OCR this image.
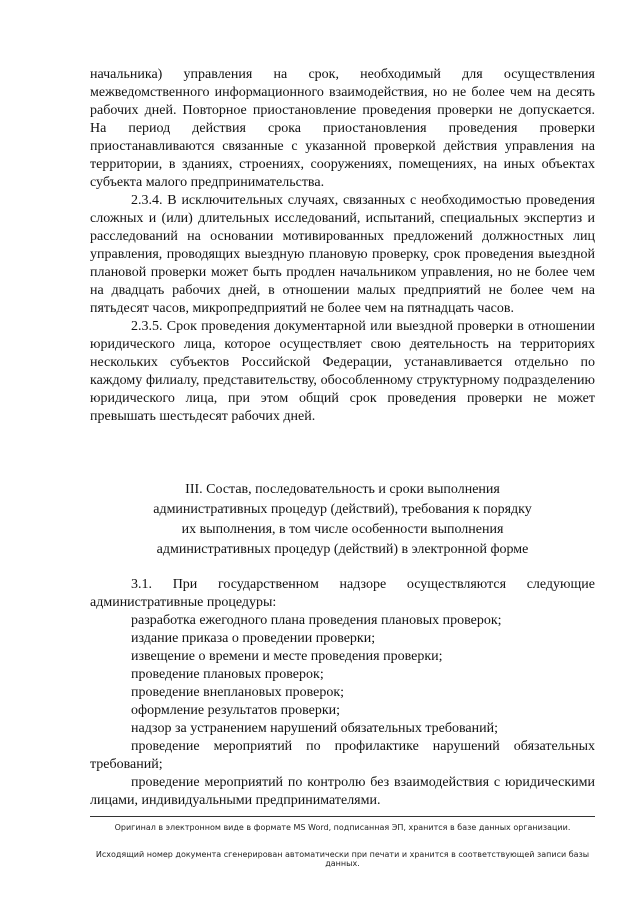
начальника) управления на срок, необходимый для осуществления межведомственного информационного взаимодействия, но не более чем на десять рабочих дней. Повторное приостановление проведения проверки не допускается. На период действия срока приостановления проведения проверки приостанавливаются связанные с указанной проверкой действия управления на территории, в зданиях, строениях, сооружениях, помещениях, на иных объектах субъекта малого предпринимательства.

2.3.4. В исключительных случаях, связанных с необходимостью проведения сложных и (или) длительных исследований, испытаний, специальных экспертиз и расследований на основании мотивированных предложений должностных лиц управления, проводящих выездную плановую проверку, срок проведения выездной плановой проверки может быть продлен начальником управления, но не более чем на двадцать рабочих дней, в отношении малых предприятий не более чем на пятьдесят часов, микропредприятий не более чем на пятнадцать часов.

2.3.5. Срок проведения документарной или выездной проверки в отношении юридического лица, которое осуществляет свою деятельность на территориях нескольких субъектов Российской Федерации, устанавливается отдельно по каждому филиалу, представительству, обособленному структурному подразделению юридического лица, при этом общий срок проведения проверки не может превышать шестьдесят рабочих дней.

III. Состав, последовательность и сроки выполнения
административных процедур (действий), требования к порядку
их выполнения, в том числе особенности выполнения
административных процедур (действий) в электронной форме

3.1. При государственном надзоре осуществляются следующие административные процедуры:

разработка ежегодного плана проведения плановых проверок;

издание приказа о проведении проверки;

извещение о времени и месте проведения проверки;

проведение плановых проверок;

проведение внеплановых проверок;

оформление результатов проверки;

надзор за устранением нарушений обязательных требований;

проведение мероприятий по профилактике нарушений обязательных требований;

проведение мероприятий по контролю без взаимодействия с юридическими лицами, индивидуальными предпринимателями.

Оригинал в электронном виде в формате MS Word, подписанная ЭП, хранится в базе данных организации.
Исходящий номер документа сгенерирован автоматически при печати и хранится в соответствующей записи базы данных.
